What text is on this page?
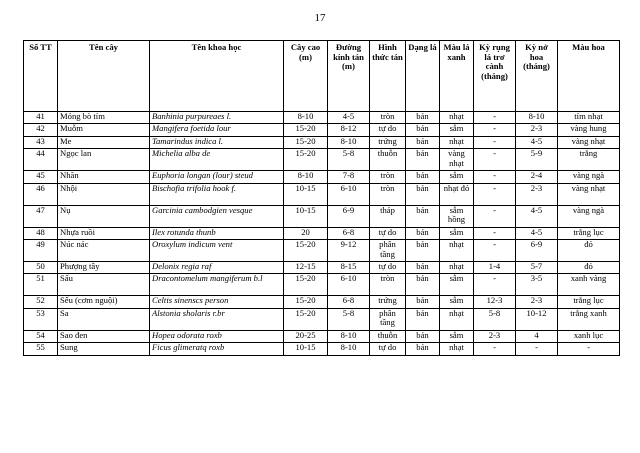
17
Số TT	Tên cây	Tên khoa học	Cây cao (m)	Đường kính tán (m)	Hình thức tán	Dạng lá	Màu lá xanh	Kỳ rụng lá trơ cành (tháng)	Kỳ nở hoa (tháng)	Màu hoa
41	Móng bò tím	Banhinia purpureaes l.	8-10	4-5	tròn	bản	nhạt	-	8-10	tím nhạt
42	Muỗm	Mangifera foetida lour	15-20	8-12	tự do	bản	sẫm	-	2-3	vàng hung
43	Me	Tamarindus indica l.	15-20	8-10	trứng	bản	nhạt	-	4-5	vàng nhạt
44	Ngọc lan	Michelia alba de	15-20	5-8	thuỗn	bản	vàng nhạt	-	5-9	trắng
45	Nhãn	Euphoria longan (lour) steud	8-10	7-8	tròn	bản	sẫm	-	2-4	vàng ngà
46	Nhội	Bischofia trifolia hook f.	10-15	6-10	tròn	bản	nhạt đỏ	-	2-3	vàng nhạt
47	Nụ	Garcinia cambodgien vesque	10-15	6-9	tháp	bản	sẫm hồng	-	4-5	vàng ngà
48	Nhựa ruồi	Ilex rotunda thunb	20	6-8	tự do	bản	sẫm	-	4-5	trắng lục
49	Núc nác	Oroxylum indicum vent	15-20	9-12	phân tầng	bản	nhạt	-	6-9	đỏ
50	Phượng tây	Delonix regia raf	12-15	8-15	tự do	bản	nhạt	1-4	5-7	đỏ
51	Sấu	Dracontomelum mangiferum b.l	15-20	6-10	tròn	bản	sẫm	-	3-5	xanh vàng
52	Sếu (cơm nguội)	Celtis sinenscs person	15-20	6-8	trứng	bản	sẫm	12-3	2-3	trắng lục
53	Sa	Alstonia sholaris r.br	15-20	5-8	phân tầng	bản	nhạt	5-8	10-12	trắng xanh
54	Sao đen	Hopea odorata roxb	20-25	8-10	thuỗn	bản	sẫm	2-3	4	xanh lục
55	Sung	Ficus glimeratq roxb	10-15	8-10	tự do	bản	nhạt	-	-	-
